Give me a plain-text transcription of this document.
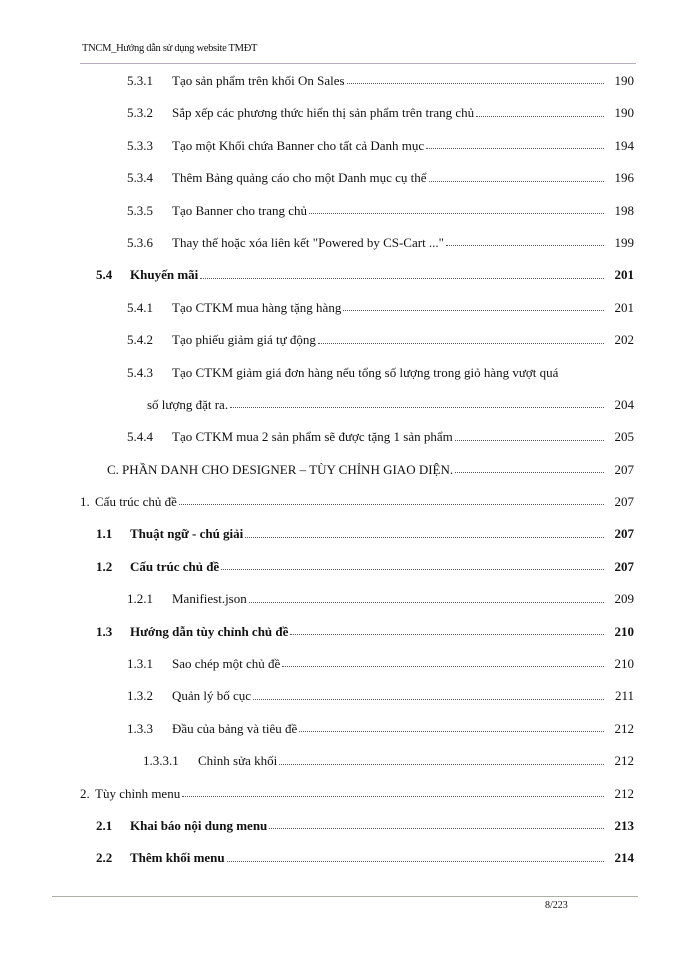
TNCM_Hướng dẫn sử dụng website TMĐT
5.3.1 Tạo sản phẩm trên khối On Sales	190
5.3.2 Sắp xếp các phương thức hiển thị sản phẩm trên trang chủ	190
5.3.3 Tạo một Khối chứa Banner cho tất cả Danh mục	194
5.3.4 Thêm Bảng quảng cáo cho một Danh mục cụ thể	196
5.3.5 Tạo Banner cho trang chủ	198
5.3.6 Thay thế hoặc xóa liên kết "Powered by CS-Cart ..."	199
5.4 Khuyến mãi	201
5.4.1 Tạo CTKM mua hàng tặng hàng	201
5.4.2 Tạo phiếu giảm giá tự động	202
5.4.3 Tạo CTKM giảm giá đơn hàng nếu tổng số lượng trong giỏ hàng vượt quá
số lượng đặt ra.	204
5.4.4 Tạo CTKM mua 2 sản phẩm sẽ được tặng 1 sản phẩm	205
C. PHẦN DANH CHO DESIGNER – TÙY CHỈNH GIAO DIỆN.	207
1. Cấu trúc chủ đề	207
1.1 Thuật ngữ - chú giải	207
1.2 Cấu trúc chủ đề	207
1.2.1 Manifiest.json	209
1.3 Hướng dẫn tùy chỉnh chủ đề	210
1.3.1 Sao chép một chủ đề	210
1.3.2 Quản lý bố cục	211
1.3.3 Đầu của bảng và tiêu đề	212
1.3.3.1 Chỉnh sửa khối	212
2. Tùy chỉnh menu	212
2.1 Khai báo nội dung menu	213
2.2 Thêm khối menu	214
8/223
